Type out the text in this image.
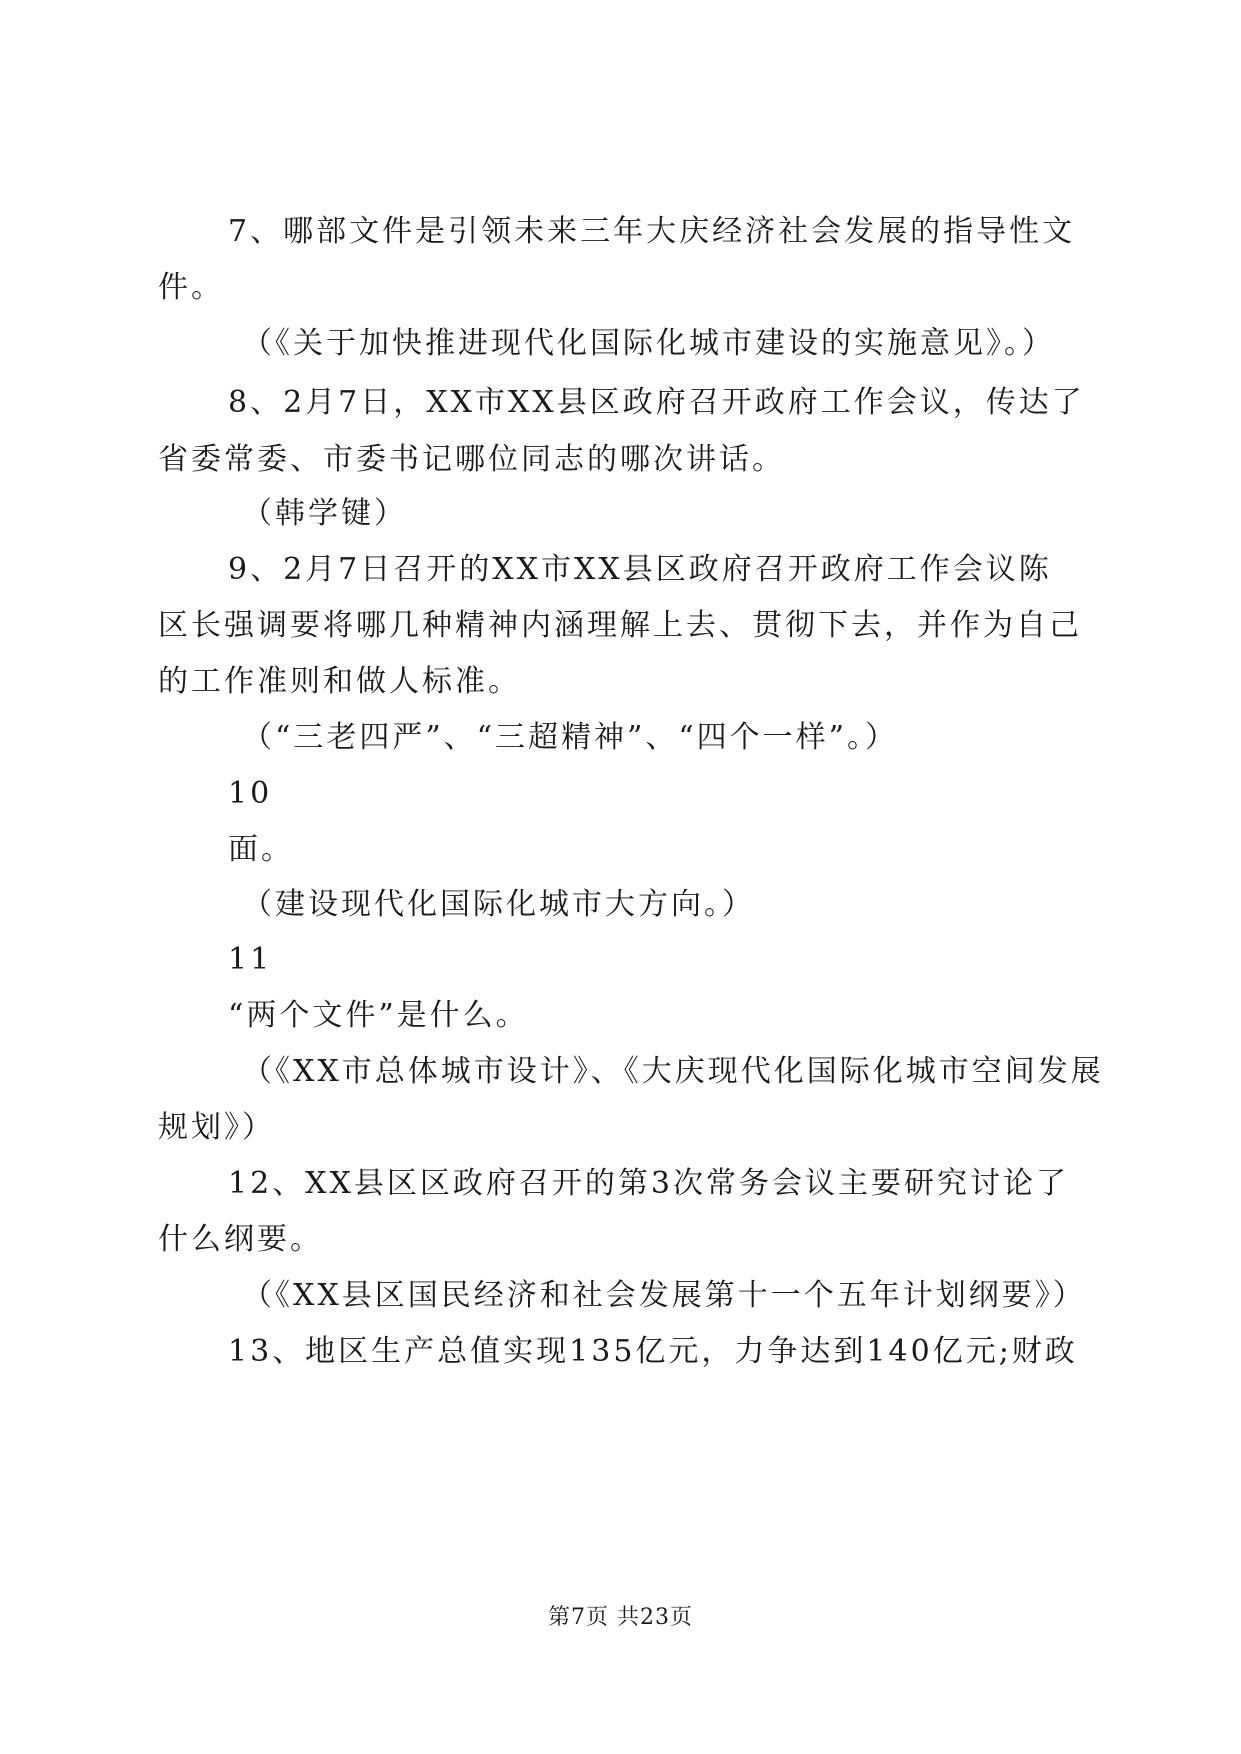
7、哪部文件是引领未来三年大庆经济社会发展的指导性文
件。
（《关于加快推进现代化国际化城市建设的实施意见》。）
8、2月7日，XX市XX县区政府召开政府工作会议，传达了
省委常委、市委书记哪位同志的哪次讲话。
（韩学键）
9、2月7日召开的XX市XX县区政府召开政府工作会议陈
区长强调要将哪几种精神内涵理解上去、贯彻下去，并作为自己
的工作准则和做人标准。
（“三老四严”、“三超精神”、“四个一样”。）
10
面。
（建设现代化国际化城市大方向。）
11
“两个文件”是什么。
（《XX市总体城市设计》、《大庆现代化国际化城市空间发展
规划》）
12、XX县区区政府召开的第3次常务会议主要研究讨论了
什么纲要。
（《XX县区国民经济和社会发展第十一个五年计划纲要》）
13、地区生产总值实现135亿元，力争达到140亿元;财政
第7页 共23页
